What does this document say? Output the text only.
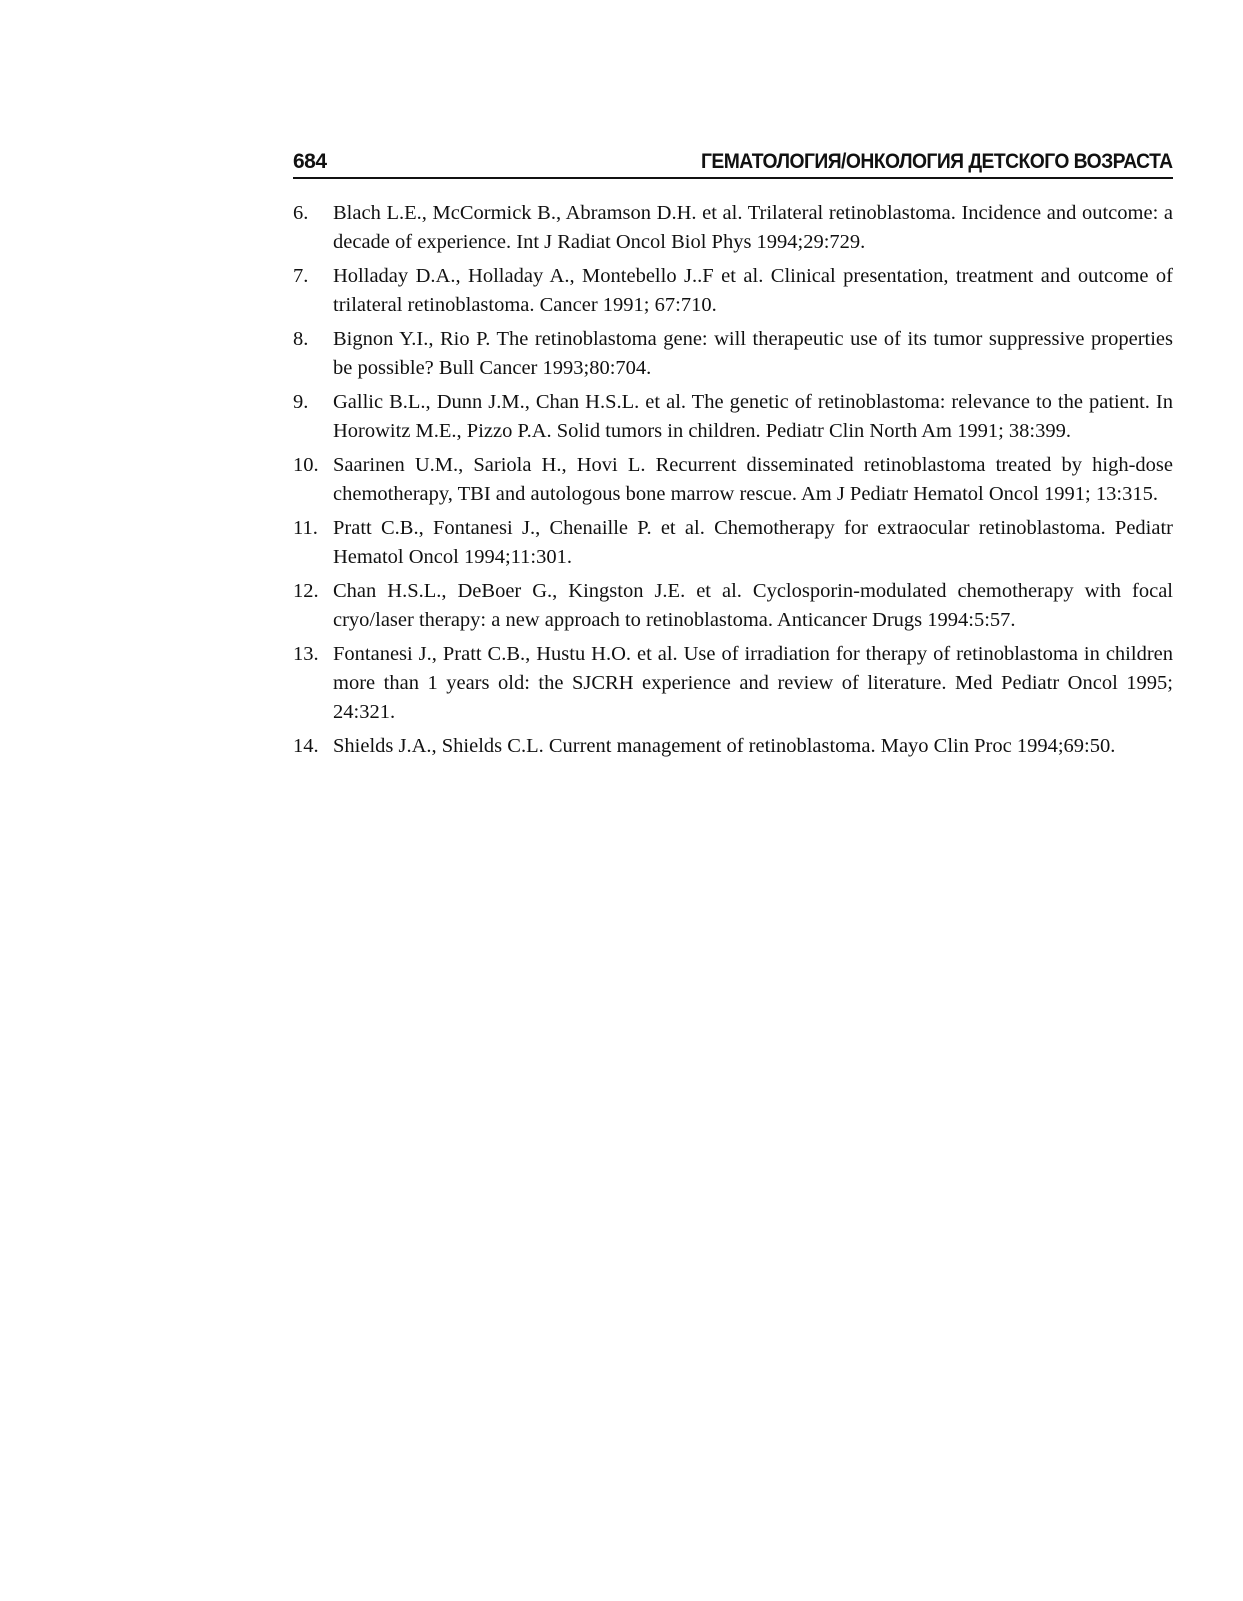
684	ГЕМАТОЛОГИЯ/ОНКОЛОГИЯ ДЕТСКОГО ВОЗРАСТА
6.	Blach L.E., McCormick B., Abramson D.H. et al. Trilateral retinoblastoma. Incidence and outcome: a decade of experience. Int J Radiat Oncol Biol Phys 1994;29:729.
7.	Holladay D.A., Holladay A., Montebello J..F et al. Clinical presentation, treatment and outcome of trilateral retinoblastoma. Cancer 1991; 67:710.
8.	Bignon Y.I., Rio P. The retinoblastoma gene: will therapeutic use of its tumor suppressive properties be possible? Bull Cancer 1993;80:704.
9.	Gallic B.L., Dunn J.M., Chan H.S.L. et al. The genetic of retinoblastoma: relevance to the patient. In Horowitz M.E., Pizzo P.A. Solid tumors in children. Pediatr Clin North Am 1991; 38:399.
10. Saarinen U.M., Sariola H., Hovi L. Recurrent disseminated retinoblastoma treated by high-dose chemotherapy, TBI and autologous bone marrow rescue. Am J Pediatr Hematol Oncol 1991; 13:315.
11. Pratt C.B., Fontanesi J., Chenaille P. et al. Chemotherapy for extraocular retinoblastoma. Pediatr Hematol Oncol 1994;11:301.
12. Chan H.S.L., DeBoer G., Kingston J.E. et al. Cyclosporin-modulated chemotherapy with focal cryo/laser therapy: a new approach to retinoblastoma. Anticancer Drugs 1994:5:57.
13. Fontanesi J., Pratt C.B., Hustu H.O. et al. Use of irradiation for therapy of retinoblastoma in children more than 1 years old: the SJCRH experience and review of literature. Med Pediatr Oncol 1995; 24:321.
14. Shields J.A., Shields C.L. Current management of retinoblastoma. Mayo Clin Proc 1994;69:50.
